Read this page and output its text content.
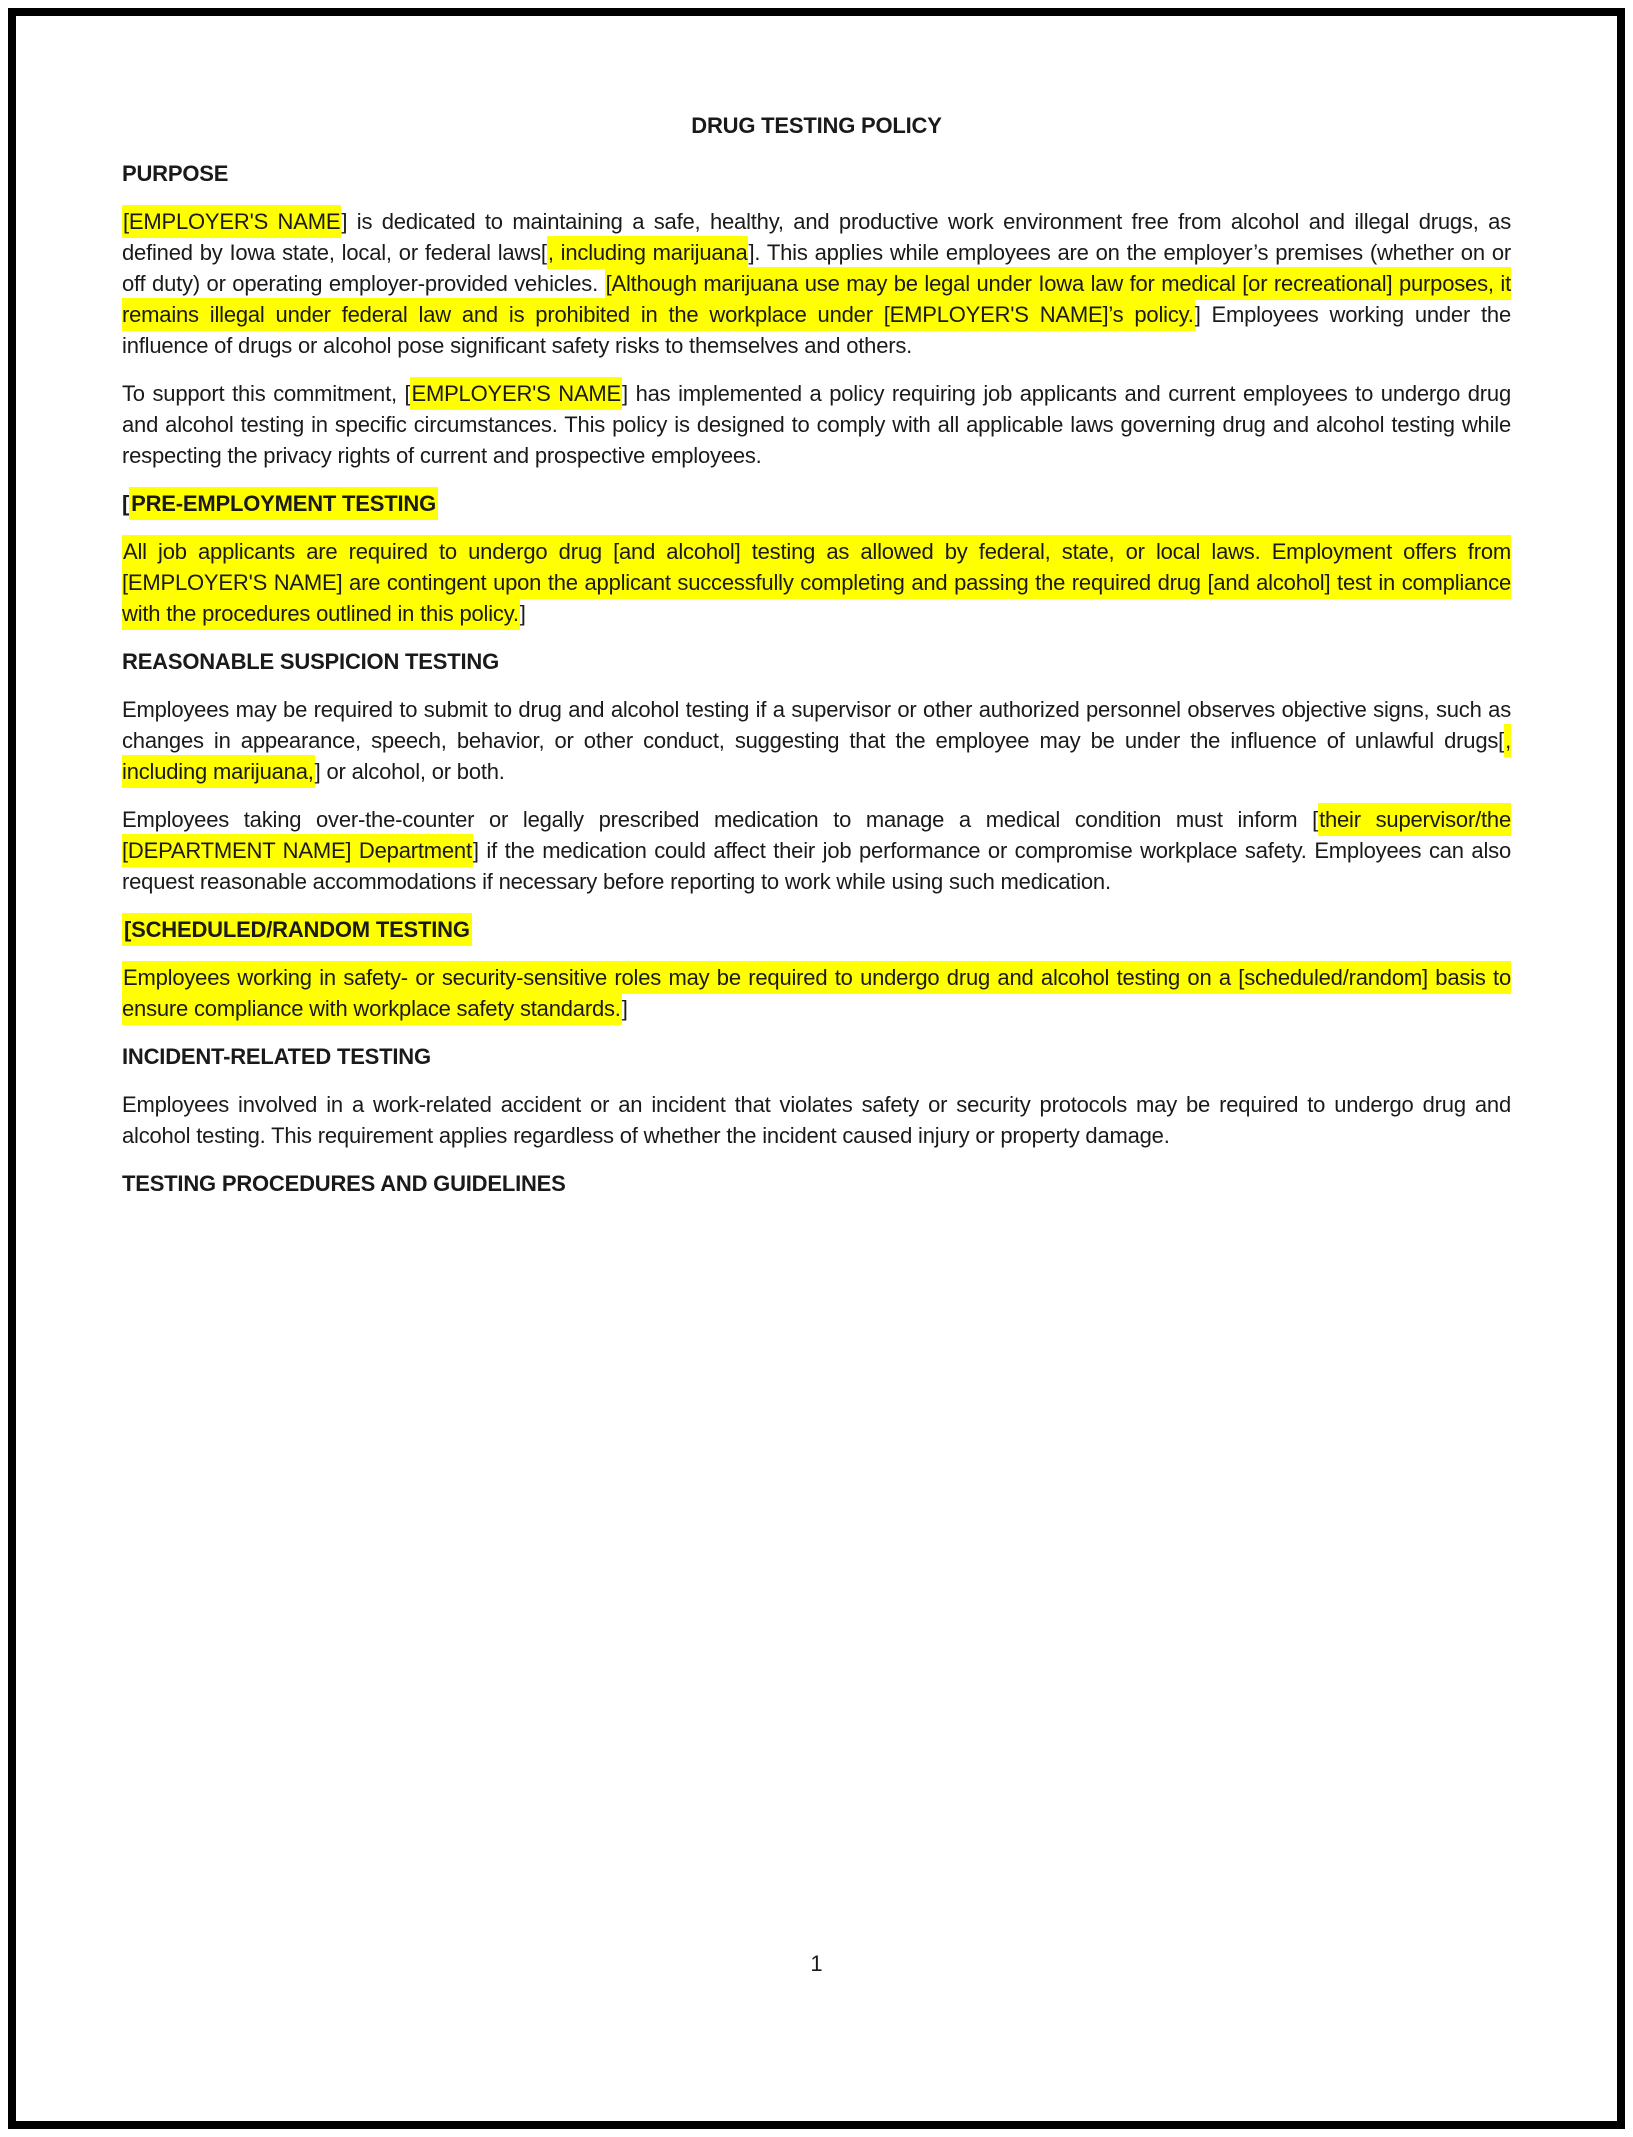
DRUG TESTING POLICY
PURPOSE

[EMPLOYER'S NAME] is dedicated to maintaining a safe, healthy, and productive work environment free from alcohol and illegal drugs, as defined by Iowa state, local, or federal laws[, including marijuana]. This applies while employees are on the employer’s premises (whether on or off duty) or operating employer-provided vehicles. [Although marijuana use may be legal under Iowa law for medical [or recreational] purposes, it remains illegal under federal law and is prohibited in the workplace under [EMPLOYER'S NAME]’s policy.] Employees working under the influence of drugs or alcohol pose significant safety risks to themselves and others.

To support this commitment, [EMPLOYER'S NAME] has implemented a policy requiring job applicants and current employees to undergo drug and alcohol testing in specific circumstances. This policy is designed to comply with all applicable laws governing drug and alcohol testing while respecting the privacy rights of current and prospective employees.

[PRE-EMPLOYMENT TESTING

All job applicants are required to undergo drug [and alcohol] testing as allowed by federal, state, or local laws. Employment offers from [EMPLOYER'S NAME] are contingent upon the applicant successfully completing and passing the required drug [and alcohol] test in compliance with the procedures outlined in this policy.]

REASONABLE SUSPICION TESTING

Employees may be required to submit to drug and alcohol testing if a supervisor or other authorized personnel observes objective signs, such as changes in appearance, speech, behavior, or other conduct, suggesting that the employee may be under the influence of unlawful drugs[, including marijuana,] or alcohol, or both.

Employees taking over-the-counter or legally prescribed medication to manage a medical condition must inform [their supervisor/the [DEPARTMENT NAME] Department] if the medication could affect their job performance or compromise workplace safety. Employees can also request reasonable accommodations if necessary before reporting to work while using such medication.

[SCHEDULED/RANDOM TESTING

Employees working in safety- or security-sensitive roles may be required to undergo drug and alcohol testing on a [scheduled/random] basis to ensure compliance with workplace safety standards.]

INCIDENT-RELATED TESTING

Employees involved in a work-related accident or an incident that violates safety or security protocols may be required to undergo drug and alcohol testing. This requirement applies regardless of whether the incident caused injury or property damage.

TESTING PROCEDURES AND GUIDELINES
1
